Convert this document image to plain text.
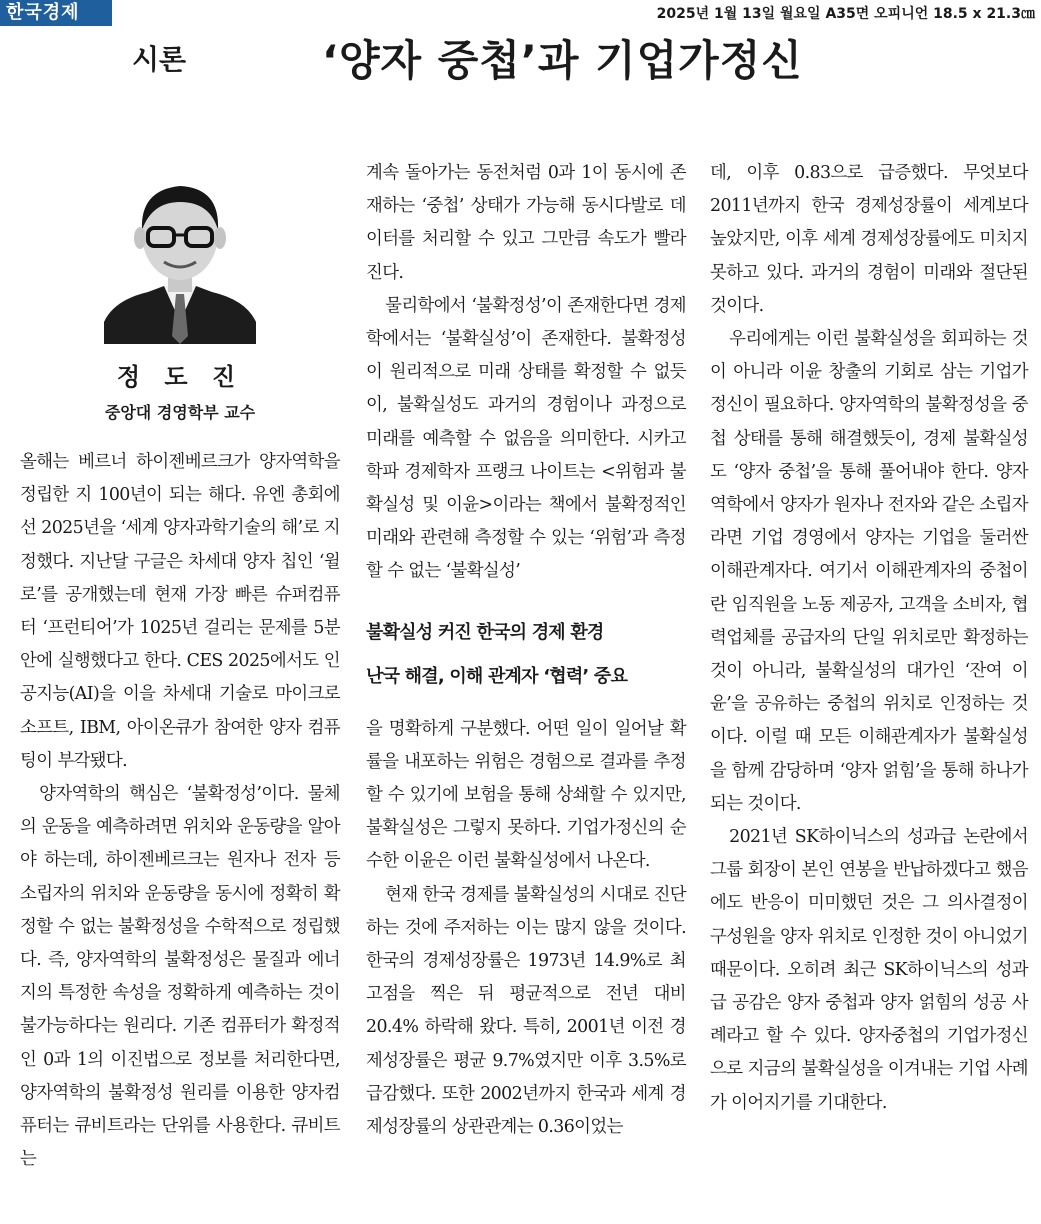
한국경제	2025년 1월 13일 월요일 A35면 오피니언 18.5 x 21.3㎝
시론	‘양자 중첩’과 기업가정신
정 도 진
중앙대 경영학부 교수

올해는 베르너 하이젠베르크가 양자역학을 정립한 지 100년이 되는 해다. 유엔 총회에선 2025년을 ‘세계 양자과학기술의 해’로 지정했다. 지난달 구글은 차세대 양자 칩인 ‘윌로’를 공개했는데 현재 가장 빠른 슈퍼컴퓨터 ‘프런티어’가 1025년 걸리는 문제를 5분 안에 실행했다고 한다. CES 2025에서도 인공지능(AI)을 이을 차세대 기술로 마이크로소프트, IBM, 아이온큐가 참여한 양자 컴퓨팅이 부각됐다.

양자역학의 핵심은 ‘불확정성’이다. 물체의 운동을 예측하려면 위치와 운동량을 알아야 하는데, 하이젠베르크는 원자나 전자 등 소립자의 위치와 운동량을 동시에 정확히 확정할 수 없는 불확정성을 수학적으로 정립했다. 즉, 양자역학의 불확정성은 물질과 에너지의 특정한 속성을 정확하게 예측하는 것이 불가능하다는 원리다. 기존 컴퓨터가 확정적인 0과 1의 이진법으로 정보를 처리한다면, 양자역학의 불확정성 원리를 이용한 양자컴퓨터는 큐비트라는 단위를 사용한다. 큐비트는

계속 돌아가는 동전처럼 0과 1이 동시에 존재하는 ‘중첩’ 상태가 가능해 동시다발로 데이터를 처리할 수 있고 그만큼 속도가 빨라진다.

물리학에서 ‘불확정성’이 존재한다면 경제학에서는 ‘불확실성’이 존재한다. 불확정성이 원리적으로 미래 상태를 확정할 수 없듯이, 불확실성도 과거의 경험이나 과정으로 미래를 예측할 수 없음을 의미한다. 시카고학파 경제학자 프랭크 나이트는 <위험과 불확실성 및 이윤>이라는 책에서 불확정적인 미래와 관련해 측정할 수 있는 ‘위험’과 측정할 수 없는 ‘불확실성’

불확실성 커진 한국의 경제 환경
난국 해결, 이해 관계자 ‘협력’ 중요

을 명확하게 구분했다. 어떤 일이 일어날 확률을 내포하는 위험은 경험으로 결과를 추정할 수 있기에 보험을 통해 상쇄할 수 있지만, 불확실성은 그렇지 못하다. 기업가정신의 순수한 이윤은 이런 불확실성에서 나온다.

현재 한국 경제를 불확실성의 시대로 진단하는 것에 주저하는 이는 많지 않을 것이다. 한국의 경제성장률은 1973년 14.9%로 최고점을 찍은 뒤 평균적으로 전년 대비 20.4% 하락해 왔다. 특히, 2001년 이전 경제성장률은 평균 9.7%였지만 이후 3.5%로 급감했다. 또한 2002년까지 한국과 세계 경제성장률의 상관관계는 0.36이었는

데, 이후 0.83으로 급증했다. 무엇보다 2011년까지 한국 경제성장률이 세계보다 높았지만, 이후 세계 경제성장률에도 미치지 못하고 있다. 과거의 경험이 미래와 절단된 것이다.

우리에게는 이런 불확실성을 회피하는 것이 아니라 이윤 창출의 기회로 삼는 기업가정신이 필요하다. 양자역학의 불확정성을 중첩 상태를 통해 해결했듯이, 경제 불확실성도 ‘양자 중첩’을 통해 풀어내야 한다. 양자역학에서 양자가 원자나 전자와 같은 소립자라면 기업 경영에서 양자는 기업을 둘러싼 이해관계자다. 여기서 이해관계자의 중첩이란 임직원을 노동 제공자, 고객을 소비자, 협력업체를 공급자의 단일 위치로만 확정하는 것이 아니라, 불확실성의 대가인 ‘잔여 이윤’을 공유하는 중첩의 위치로 인정하는 것이다. 이럴 때 모든 이해관계자가 불확실성을 함께 감당하며 ‘양자 얽힘’을 통해 하나가 되는 것이다.

2021년 SK하이닉스의 성과급 논란에서 그룹 회장이 본인 연봉을 반납하겠다고 했음에도 반응이 미미했던 것은 그 의사결정이 구성원을 양자 위치로 인정한 것이 아니었기 때문이다. 오히려 최근 SK하이닉스의 성과급 공감은 양자 중첩과 양자 얽힘의 성공 사례라고 할 수 있다. 양자중첩의 기업가정신으로 지금의 불확실성을 이겨내는 기업 사례가 이어지기를 기대한다.
